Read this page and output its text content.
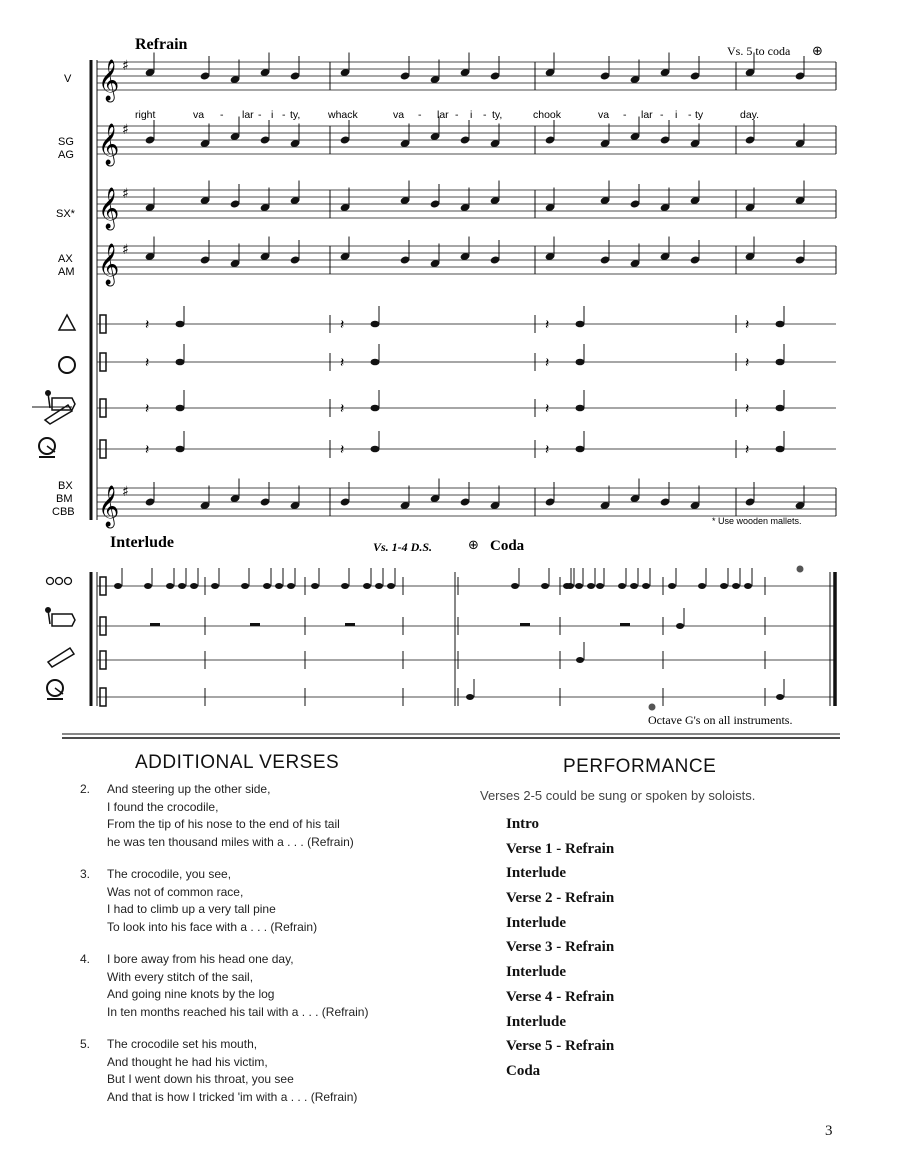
𝄞 ♯
𝄞 ♯
𝄞 ♯
𝄞 ♯
𝄞 ♯
𝄽	𝄽	𝄽	𝄽
𝄽	𝄽	𝄽	𝄽
𝄽	𝄽	𝄽	𝄽
𝄽	𝄽	𝄽	𝄽
Refrain	Vs. 5 to coda ⊕
Interlude	Vs. 1-4 D.S.	⊕ Coda
* Use wooden mallets.
Octave G's on all instruments.
V
SG
AG
SX*
AX
AM
BX
BM
CBB
right	va - lar - i - ty,	whack	va - lar - i - ty,	chook	va - lar - i - ty	day.
ADDITIONAL VERSES
2. And steering up the other side,
I found the crocodile,
From the tip of his nose to the end of his tail
he was ten thousand miles with a . . . (Refrain)
3. The crocodile, you see,
Was not of common race,
I had to climb up a very tall pine
To look into his face with a . . . (Refrain)
4. I bore away from his head one day,
With every stitch of the sail,
And going nine knots by the log
In ten months reached his tail with a . . . (Refrain)
5. The crocodile set his mouth,
And thought he had his victim,
But I went down his throat, you see
And that is how I tricked 'im with a . . . (Refrain)
PERFORMANCE
Verses 2-5 could be sung or spoken by soloists.
Intro
Verse 1 - Refrain
Interlude
Verse 2 - Refrain
Interlude
Verse 3 - Refrain
Interlude
Verse 4 - Refrain
Interlude
Verse 5 - Refrain
Coda
3
